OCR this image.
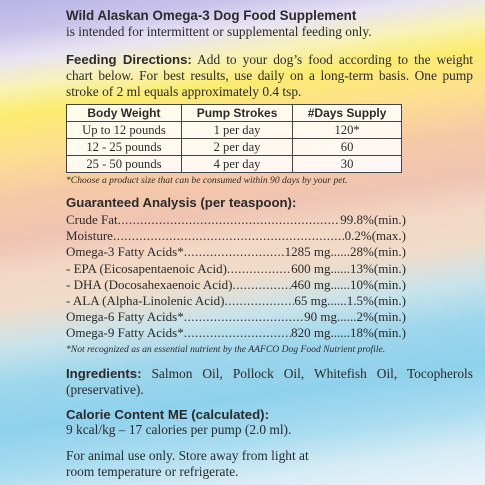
Wild Alaskan Omega-3 Dog Food Supplement

is intended for intermittent or supplemental feeding only.

Feeding Directions: Add to your dog’s food according to the weight chart below. For best results, use daily on a long-term basis. One pump stroke of 2 ml equals approximately 0.4 tsp.

Body Weight	Pump Strokes	#Days Supply
Up to 12 pounds	1 per day	120*
12 - 25 pounds	2 per day	60
25 - 50 pounds	4 per day	30

*Choose a product size that can be consumed within 90 days by your pet.

Guaranteed Analysis (per teaspoon):
Crude Fat .....	99.8%(min.)
Moisture .....	0.2%(max.)
Omega-3 Fatty Acids* .....	1285 mg ...... 28%(min.)
- EPA (Eicosapentaenoic Acid) .....	600 mg ...... 13%(min.)
- DHA (Docosahexaenoic Acid) .....	460 mg ...... 10%(min.)
- ALA (Alpha-Linolenic Acid) .....	65 mg ...... 1.5%(min.)
Omega-6 Fatty Acids* .....	90 mg ...... 2%(min.)
Omega-9 Fatty Acids* .....	820 mg ...... 18%(min.)

*Not recognized as an essential nutrient by the AAFCO Dog Food Nutrient profile.

Ingredients: Salmon Oil, Pollock Oil, Whitefish Oil, Tocopherols (preservative).

Calorie Content ME (calculated):

9 kcal/kg – 17 calories per pump (2.0 ml).

For animal use only. Store away from light at

room temperature or refrigerate.
